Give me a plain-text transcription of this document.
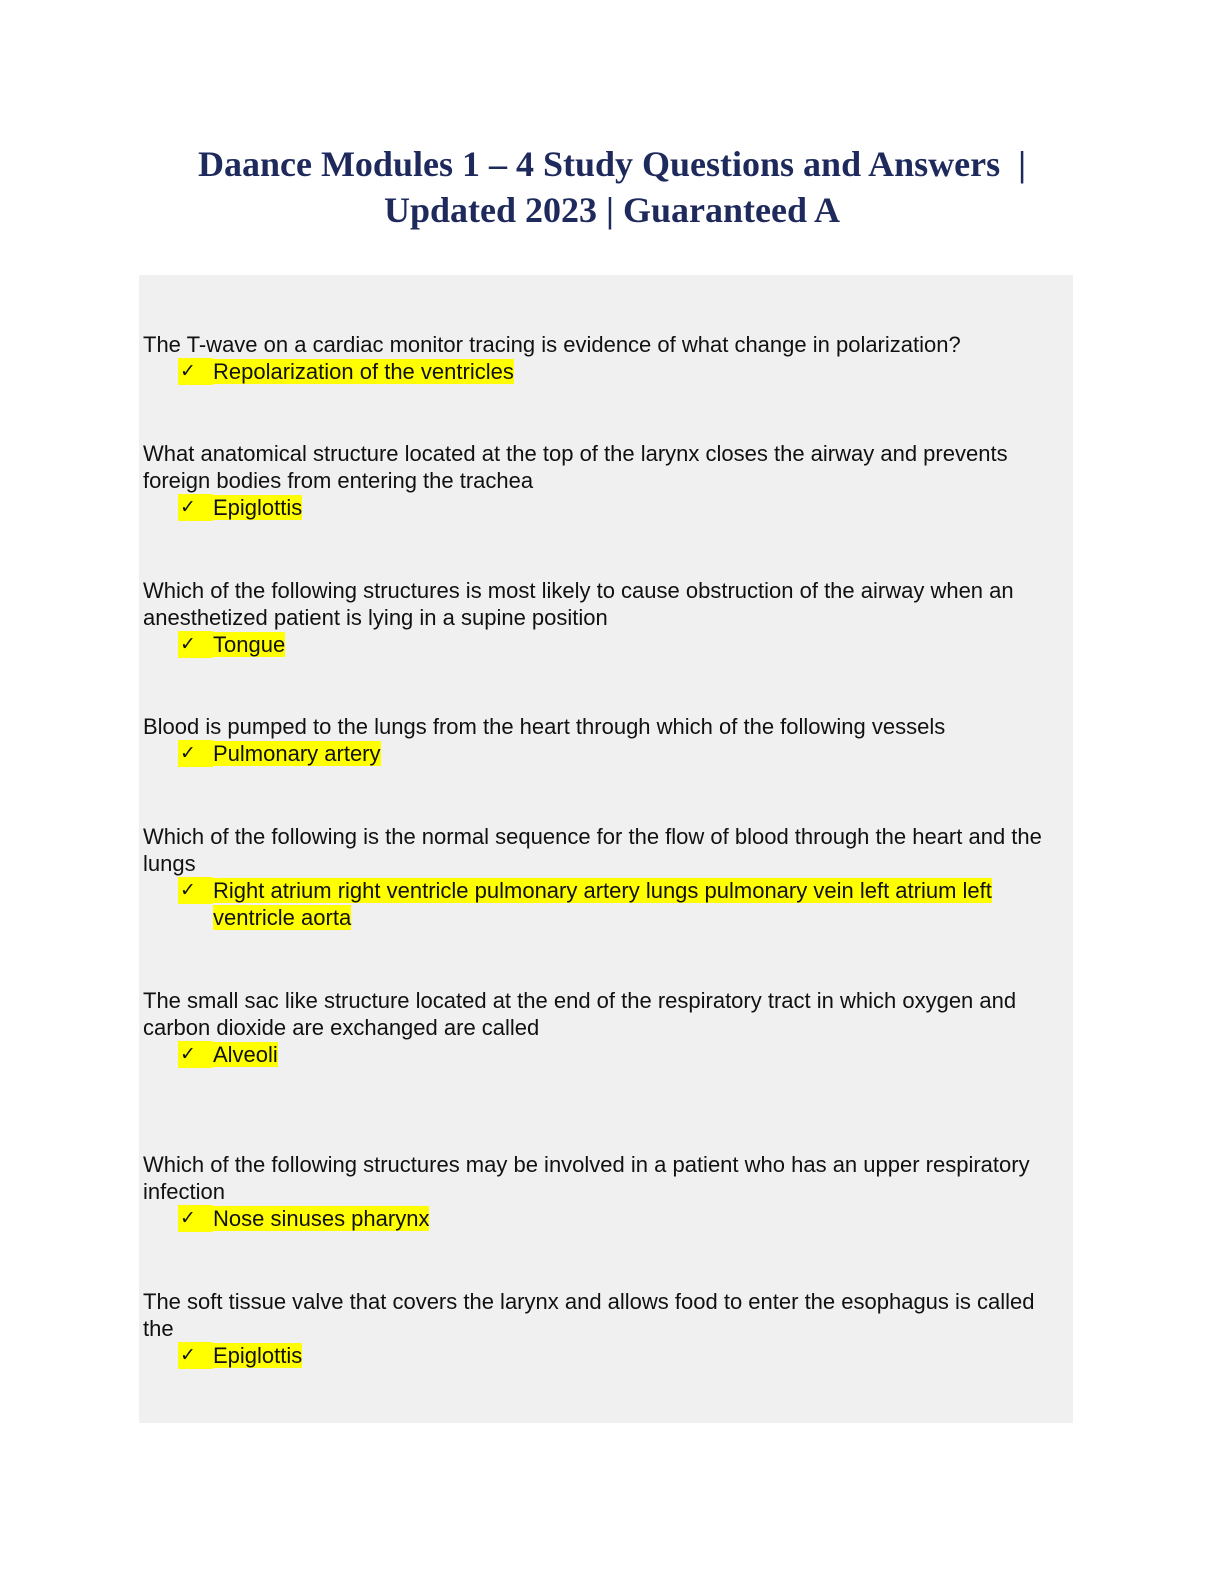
Daance Modules 1 – 4 Study Questions and Answers  |
Updated 2023 | Guaranteed A

The T-wave on a cardiac monitor tracing is evidence of what change in polarization?

✓ Repolarization of the ventricles

What anatomical structure located at the top of the larynx closes the airway and prevents foreign bodies from entering the trachea

✓ Epiglottis

Which of the following structures is most likely to cause obstruction of the airway when an anesthetized patient is lying in a supine position

✓ Tongue

Blood is pumped to the lungs from the heart through which of the following vessels

✓ Pulmonary artery

Which of the following is the normal sequence for the flow of blood through the heart and the lungs

✓ Right atrium right ventricle pulmonary artery lungs pulmonary vein left atrium left ventricle aorta

The small sac like structure located at the end of the respiratory tract in which oxygen and carbon dioxide are exchanged are called

✓ Alveoli

Which of the following structures may be involved in a patient who has an upper respiratory infection

✓ Nose sinuses pharynx

The soft tissue valve that covers the larynx and allows food to enter the esophagus is called the

✓ Epiglottis
